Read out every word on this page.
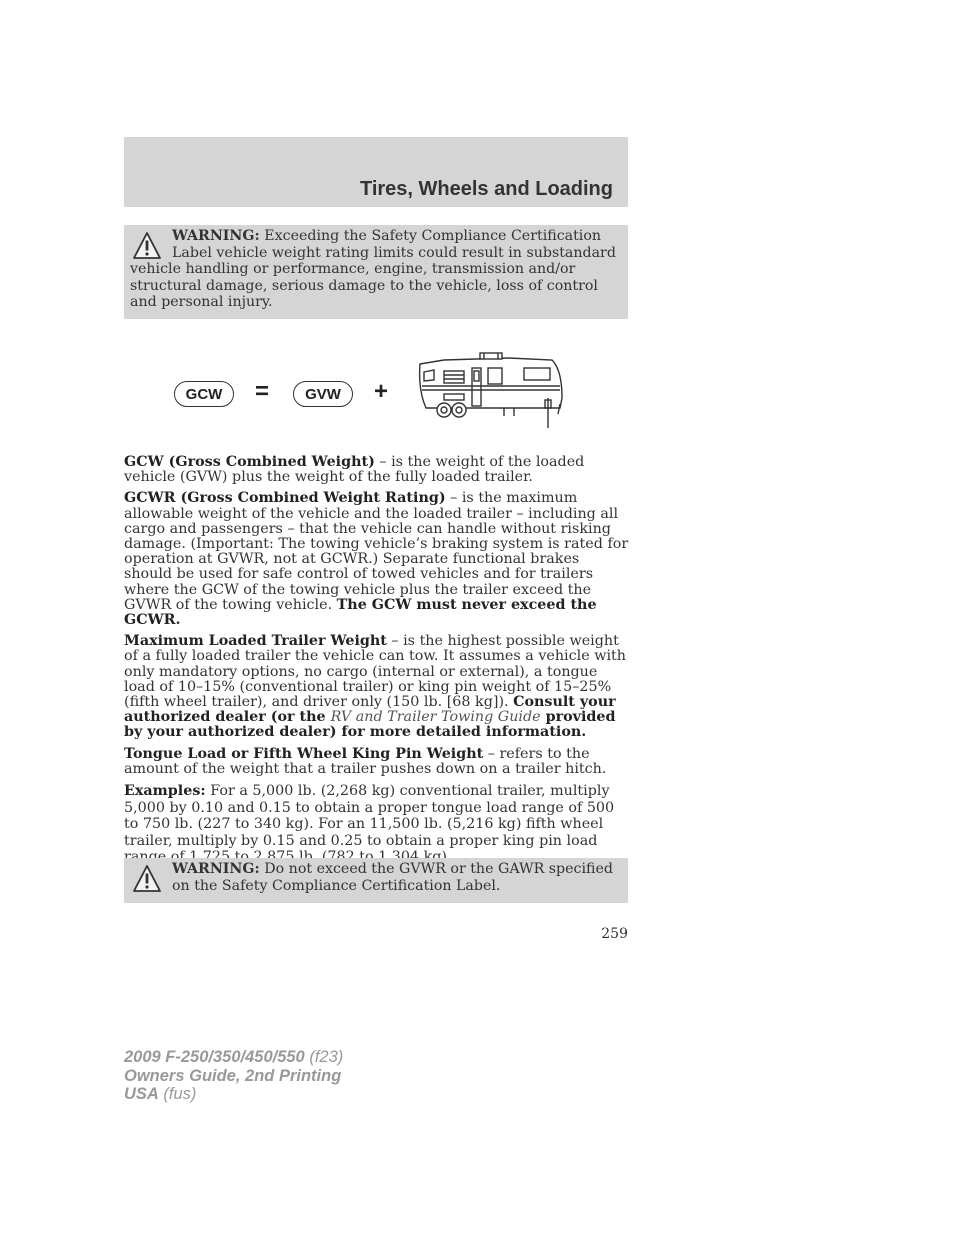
Tires, Wheels and Loading
WARNING: Exceeding the Safety Compliance Certification Label vehicle weight rating limits could result in substandard vehicle handling or performance, engine, transmission and/or structural damage, serious damage to the vehicle, loss of control and personal injury.
GCW	=	GVW	+

GCW (Gross Combined Weight) – is the weight of the loaded vehicle (GVW) plus the weight of the fully loaded trailer.

GCWR (Gross Combined Weight Rating) – is the maximum allowable weight of the vehicle and the loaded trailer – including all cargo and passengers – that the vehicle can handle without risking damage. (Important: The towing vehicle’s braking system is rated for operation at GVWR, not at GCWR.) Separate functional brakes should be used for safe control of towed vehicles and for trailers where the GCW of the towing vehicle plus the trailer exceed the GVWR of the towing vehicle. The GCW must never exceed the GCWR.

Maximum Loaded Trailer Weight – is the highest possible weight of a fully loaded trailer the vehicle can tow. It assumes a vehicle with only mandatory options, no cargo (internal or external), a tongue load of 10–15% (conventional trailer) or king pin weight of 15–25% (fifth wheel trailer), and driver only (150 lb. [68 kg]). Consult your authorized dealer (or the RV and Trailer Towing Guide provided by your authorized dealer) for more detailed information.

Tongue Load or Fifth Wheel King Pin Weight – refers to the amount of the weight that a trailer pushes down on a trailer hitch.

Examples: For a 5,000 lb. (2,268 kg) conventional trailer, multiply 5,000 by 0.10 and 0.15 to obtain a proper tongue load range of 500 to 750 lb. (227 to 340 kg). For an 11,500 lb. (5,216 kg) fifth wheel trailer, multiply by 0.15 and 0.25 to obtain a proper king pin load

WARNING: Do not exceed the GVWR or the GAWR specified on the Safety Compliance Certification Label.
259
2009 F-250/350/450/550 (f23)
Owners Guide, 2nd Printing
USA (fus)
